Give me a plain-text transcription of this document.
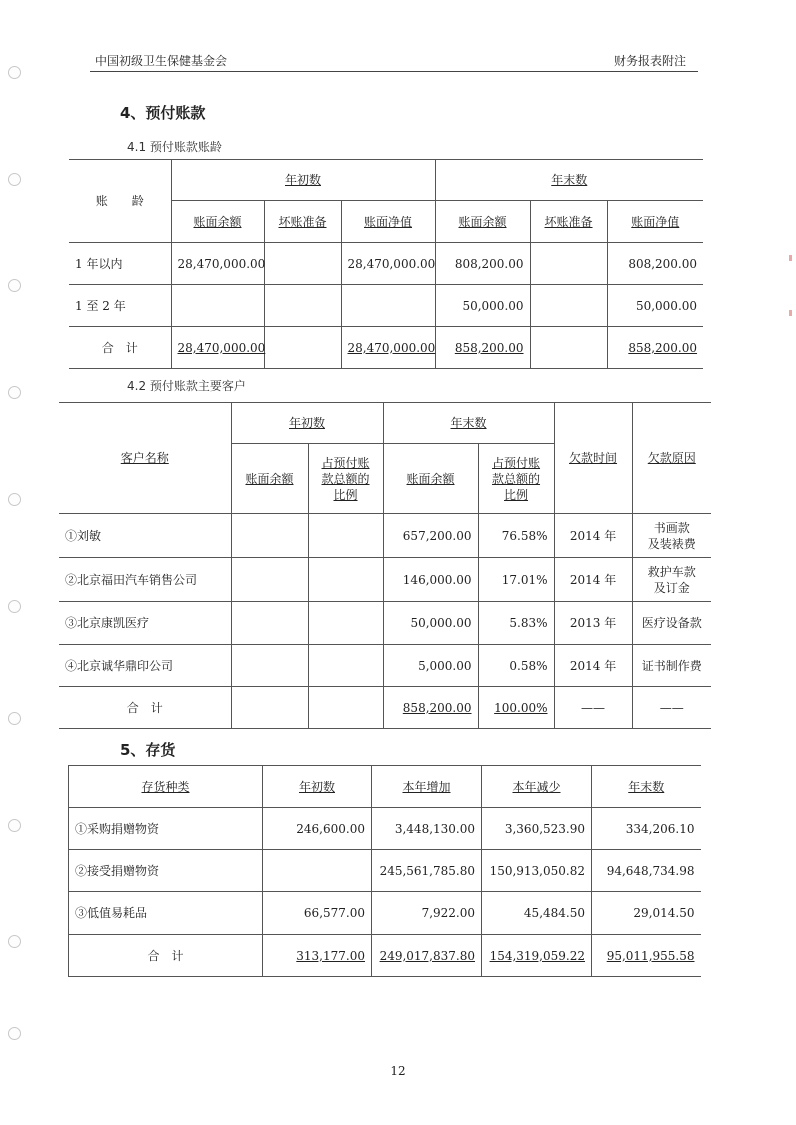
中国初级卫生保健基金会	财务报表附注
4、预付账款
4.1 预付账款账龄
账　　龄	年初数			年末数		
	账面余额	坏账准备	账面净值	账面余额	坏账准备	账面净值
1 年以内	28,470,000.00		28,470,000.00	808,200.00		808,200.00
1 至 2 年				50,000.00		50,000.00
合　计	28,470,000.00		28,470,000.00	858,200.00		858,200.00
4.2 预付账款主要客户
客户名称	年初数		年末数		欠款时间	欠款原因
	账面余额	占预付账
款总额的
比例	账面余额	占预付账
款总额的
比例		
①刘敏			657,200.00	76.58%	2014 年	书画款
及装裱费
②北京福田汽车销售公司			146,000.00	17.01%	2014 年	救护车款
及订金
③北京康凯医疗			50,000.00	5.83%	2013 年	医疗设备款
④北京诚华鼎印公司			5,000.00	0.58%	2014 年	证书制作费
合　计			858,200.00	100.00%	——	——
5、存货
存货种类	年初数	本年增加	本年减少	年末数
①采购捐赠物资	246,600.00	3,448,130.00	3,360,523.90	334,206.10
②接受捐赠物资		245,561,785.80	150,913,050.82	94,648,734.98
③低值易耗品	66,577.00	7,922.00	45,484.50	29,014.50
合　计	313,177.00	249,017,837.80	154,319,059.22	95,011,955.58
12
